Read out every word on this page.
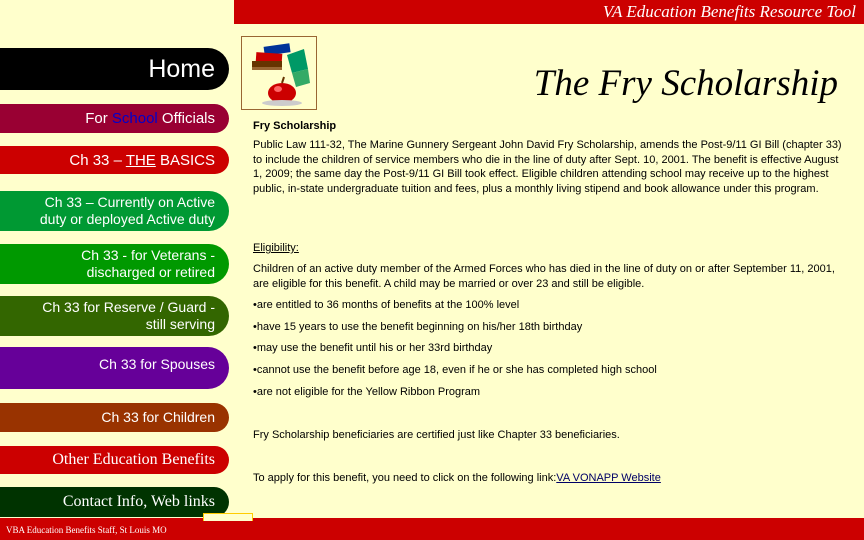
VA Education Benefits Resource Tool
Home
For School Officials
Ch 33 – THE BASICS
Ch 33 – Currently on Active
duty or deployed Active duty
Ch 33 - for Veterans -
discharged or retired
Ch 33 for Reserve / Guard -
still serving
Ch 33 for Spouses
Ch 33 for Children
Other Education Benefits
Contact Info, Web links
The Fry Scholarship
Fry Scholarship
Public Law 111-32, The Marine Gunnery Sergeant John David Fry Scholarship, amends the Post-9/11 GI Bill (chapter 33) to include the children of service members who die in the line of duty after Sept. 10, 2001. The benefit is effective August 1, 2009; the same day the Post-9/11 GI Bill took effect. Eligible children attending school may receive up to the highest public, in-state undergraduate tuition and fees, plus a monthly living stipend and book allowance under this program.
Eligibility:
Children of an active duty member of the Armed Forces who has died in the line of duty on or after September 11, 2001, are eligible for this benefit. A child may be married or over 23 and still be eligible.
•are entitled to 36 months of benefits at the 100% level
•have 15 years to use the benefit beginning on his/her 18th birthday
•may use the benefit until his or her 33rd birthday
•cannot use the benefit before age 18, even if he or she has completed high school
•are not eligible for the Yellow Ribbon Program
Fry Scholarship beneficiaries are certified just like Chapter 33 beneficiaries.
To apply for this benefit, you need to click on the following link:VA VONAPP Website
VBA Education Benefits Staff, St Louis MO
